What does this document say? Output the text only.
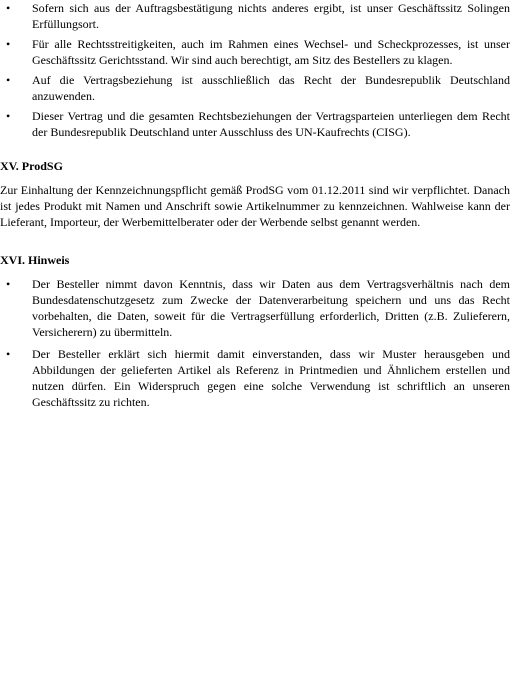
• Sofern sich aus der Auftragsbestätigung nichts anderes ergibt, ist unser Geschäftssitz Solingen Erfüllungsort.
• Für alle Rechtsstreitigkeiten, auch im Rahmen eines Wechsel- und Scheckprozesses, ist unser Geschäftssitz Gerichtsstand. Wir sind auch berechtigt, am Sitz des Bestellers zu klagen.
• Auf die Vertragsbeziehung ist ausschließlich das Recht der Bundesrepublik Deutschland anzuwenden.
• Dieser Vertrag und die gesamten Rechtsbeziehungen der Vertragsparteien unterliegen dem Recht der Bundesrepublik Deutschland unter Ausschluss des UN-Kaufrechts (CISG).
XV. ProdSG

Zur Einhaltung der Kennzeichnungspflicht gemäß ProdSG vom 01.12.2011 sind wir verpflichtet. Danach ist jedes Produkt mit Namen und Anschrift sowie Artikelnummer zu kennzeichnen. Wahlweise kann der Lieferant, Importeur, der Werbemittelberater oder der Werbende selbst genannt werden.

XVI. Hinweis
• Der Besteller nimmt davon Kenntnis, dass wir Daten aus dem Vertragsverhältnis nach dem Bundesdatenschutzgesetz zum Zwecke der Datenverarbeitung speichern und uns das Recht vorbehalten, die Daten, soweit für die Vertragserfüllung erforderlich, Dritten (z.B. Zulieferern, Versicherern) zu übermitteln.
• Der Besteller erklärt sich hiermit damit einverstanden, dass wir Muster herausgeben und Abbildungen der gelieferten Artikel als Referenz in Printmedien und Ähnlichem erstellen und nutzen dürfen. Ein Widerspruch gegen eine solche Verwendung ist schriftlich an unseren Geschäftssitz zu richten.
